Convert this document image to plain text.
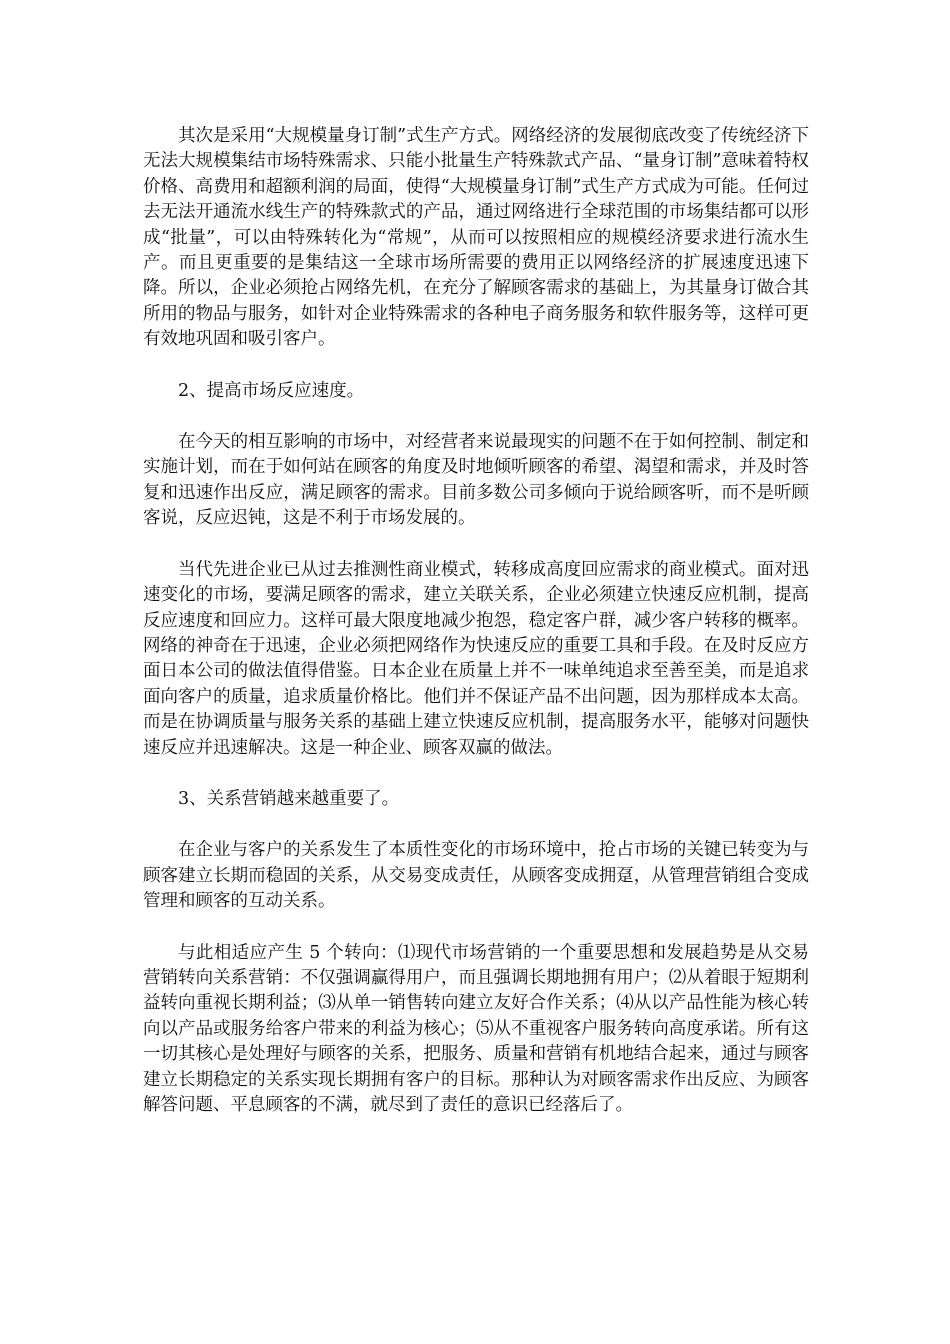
其次是采用“大规模量身订制”式生产方式。网络经济的发展彻底改变了传统经济下无法大规模集结市场特殊需求、只能小批量生产特殊款式产品、“量身订制”意味着特权价格、高费用和超额利润的局面，使得“大规模量身订制”式生产方式成为可能。任何过去无法开通流水线生产的特殊款式的产品，通过网络进行全球范围的市场集结都可以形成“批量”，可以由特殊转化为“常规”，从而可以按照相应的规模经济要求进行流水生产。而且更重要的是集结这一全球市场所需要的费用正以网络经济的扩展速度迅速下降。所以，企业必须抢占网络先机，在充分了解顾客需求的基础上，为其量身订做合其所用的物品与服务，如针对企业特殊需求的各种电子商务服务和软件服务等，这样可更有效地巩固和吸引客户。

2、提高市场反应速度。

在今天的相互影响的市场中，对经营者来说最现实的问题不在于如何控制、制定和实施计划，而在于如何站在顾客的角度及时地倾听顾客的希望、渴望和需求，并及时答复和迅速作出反应，满足顾客的需求。目前多数公司多倾向于说给顾客听，而不是听顾客说，反应迟钝，这是不利于市场发展的。

当代先进企业已从过去推测性商业模式，转移成高度回应需求的商业模式。面对迅速变化的市场，要满足顾客的需求，建立关联关系，企业必须建立快速反应机制，提高反应速度和回应力。这样可最大限度地减少抱怨，稳定客户群，减少客户转移的概率。网络的神奇在于迅速，企业必须把网络作为快速反应的重要工具和手段。在及时反应方面日本公司的做法值得借鉴。日本企业在质量上并不一味单纯追求至善至美，而是追求面向客户的质量，追求质量价格比。他们并不保证产品不出问题，因为那样成本太高。而是在协调质量与服务关系的基础上建立快速反应机制，提高服务水平，能够对问题快速反应并迅速解决。这是一种企业、顾客双赢的做法。

3、关系营销越来越重要了。

在企业与客户的关系发生了本质性变化的市场环境中，抢占市场的关键已转变为与顾客建立长期而稳固的关系，从交易变成责任，从顾客变成拥趸，从管理营销组合变成管理和顾客的互动关系。

与此相适应产生 5 个转向：⑴现代市场营销的一个重要思想和发展趋势是从交易营销转向关系营销：不仅强调赢得用户，而且强调长期地拥有用户；⑵从着眼于短期利益转向重视长期利益；⑶从单一销售转向建立友好合作关系；⑷从以产品性能为核心转向以产品或服务给客户带来的利益为核心；⑸从不重视客户服务转向高度承诺。所有这一切其核心是处理好与顾客的关系，把服务、质量和营销有机地结合起来，通过与顾客建立长期稳定的关系实现长期拥有客户的目标。那种认为对顾客需求作出反应、为顾客解答问题、平息顾客的不满，就尽到了责任的意识已经落后了。
